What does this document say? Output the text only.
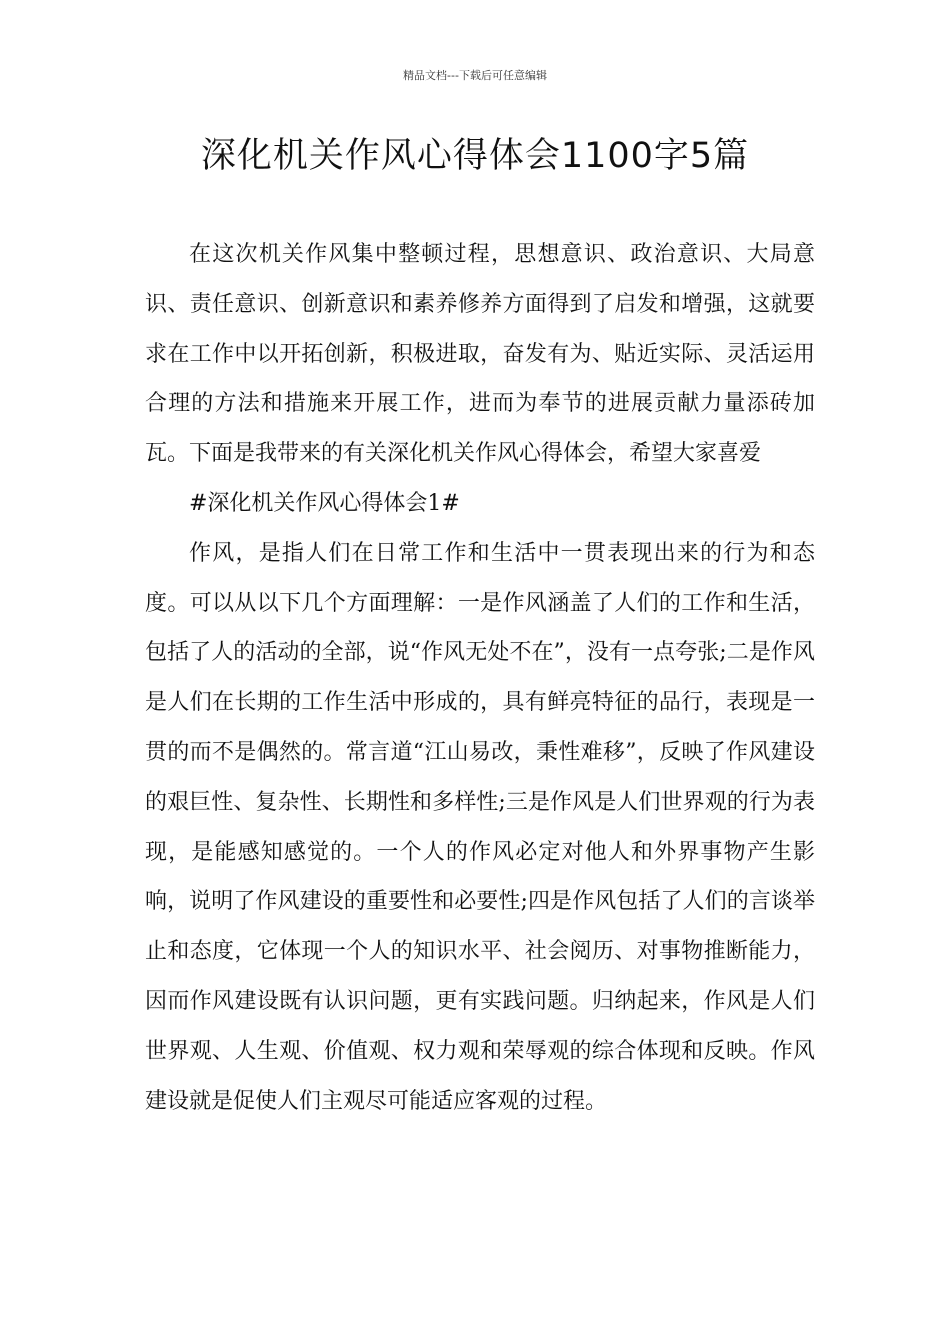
精品文档---下载后可任意编辑
深化机关作风心得体会1100字5篇

在这次机关作风集中整顿过程，思想意识、政治意识、大局意识、责任意识、创新意识和素养修养方面得到了启发和增强，这就要求在工作中以开拓创新，积极进取，奋发有为、贴近实际、灵活运用合理的方法和措施来开展工作，进而为奉节的进展贡献力量添砖加瓦。下面是我带来的有关深化机关作风心得体会，希望大家喜爱

#深化机关作风心得体会1#

作风，是指人们在日常工作和生活中一贯表现出来的行为和态度。可以从以下几个方面理解：一是作风涵盖了人们的工作和生活，包括了人的活动的全部，说“作风无处不在”，没有一点夸张;二是作风是人们在长期的工作生活中形成的，具有鲜亮特征的品行，表现是一贯的而不是偶然的。常言道“江山易改，秉性难移”，反映了作风建设的艰巨性、复杂性、长期性和多样性;三是作风是人们世界观的行为表现，是能感知感觉的。一个人的作风必定对他人和外界事物产生影响，说明了作风建设的重要性和必要性;四是作风包括了人们的言谈举止和态度，它体现一个人的知识水平、社会阅历、对事物推断能力，因而作风建设既有认识问题，更有实践问题。归纳起来，作风是人们世界观、人生观、价值观、权力观和荣辱观的综合体现和反映。作风建设就是促使人们主观尽可能适应客观的过程。
